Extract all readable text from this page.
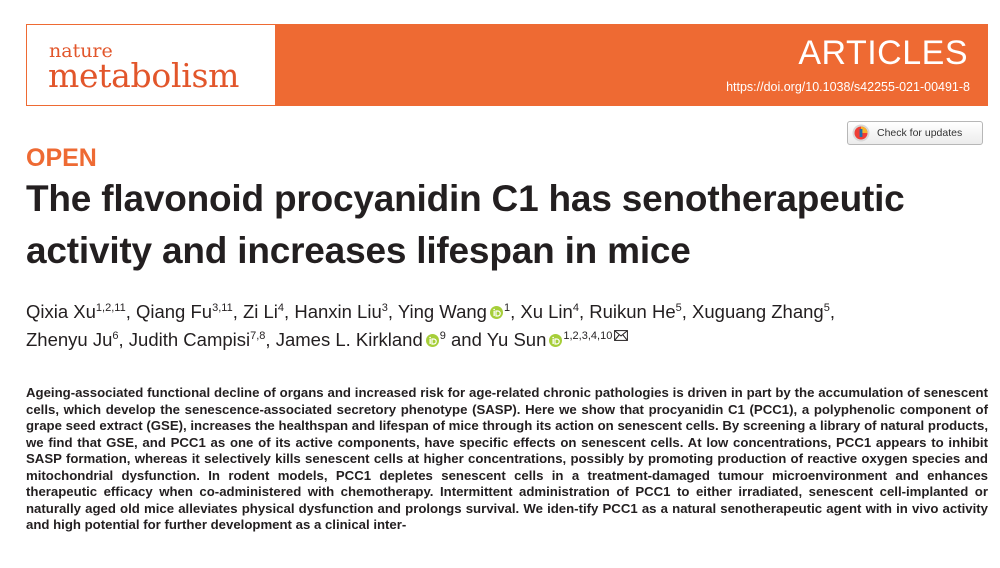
nature
metabolism
ARTICLES
https://doi.org/10.1038/s42255-021-00491-8
Check for updates
OPEN
The flavonoid procyanidin C1 has senotherapeutic activity and increases lifespan in mice
Qixia Xu$^{1,2,11}$, Qiang Fu$^{3,11}$, Zi Li$^4$, Hanxin Liu$^3$, Ying Wang $^1$, Xu Lin$^4$, Ruikun He$^5$, Xuguang Zhang$^5$,
Zhenyu Ju$^6$, Judith Campisi$^{7,8}$, James L. Kirkland $^9$ and Yu Sun $^{1,2,3,4,10}$

Ageing-associated functional decline of organs and increased risk for age-related chronic pathologies is driven in part by the accumulation of senescent cells, which develop the senescence-associated secretory phenotype (SASP). Here we show that procyanidin C1 (PCC1), a polyphenolic component of grape seed extract (GSE), increases the healthspan and lifespan of mice through its action on senescent cells. By screening a library of natural products, we find that GSE, and PCC1 as one of its active components, have specific effects on senescent cells. At low concentrations, PCC1 appears to inhibit SASP formation, whereas it selectively kills senescent cells at higher concentrations, possibly by promoting production of reactive oxygen species and mitochondrial dysfunction. In rodent models, PCC1 depletes senescent cells in a treatment-damaged tumour microenvironment and enhances therapeutic efficacy when co-administered with chemotherapy. Intermittent administration of PCC1 to either irradiated, senescent cell-implanted or naturally aged old mice alleviates physical dysfunction and prolongs survival. We iden-tify PCC1 as a natural senotherapeutic agent with in vivo activity and high potential for further development as a clinical inter-
